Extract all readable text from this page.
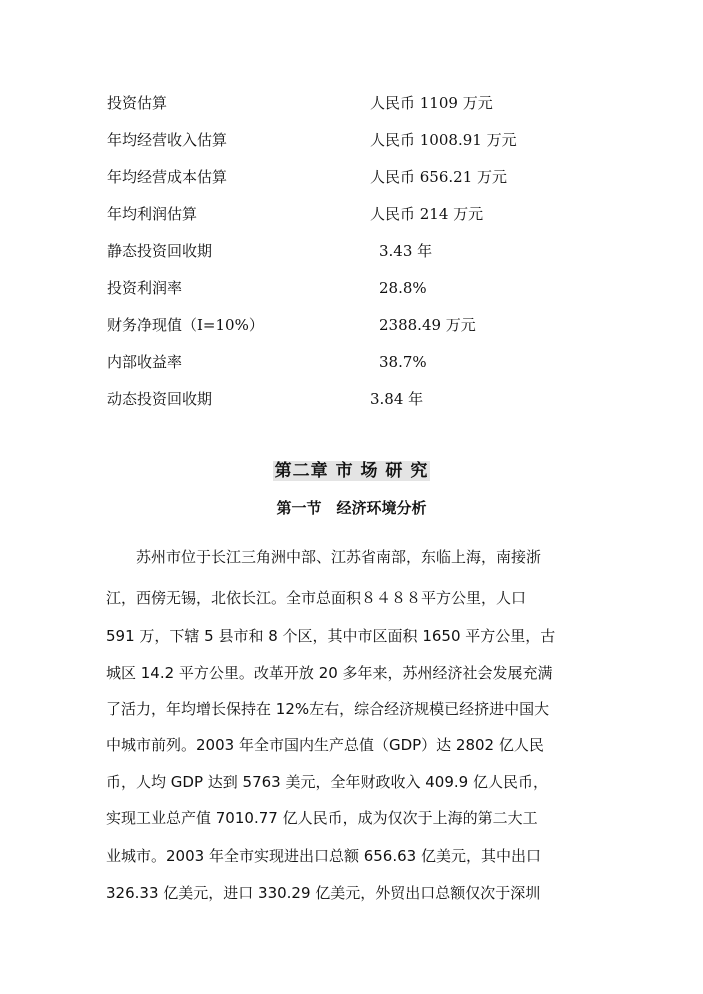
投资估算	人民币 1109 万元
年均经营收入估算	人民币 1008.91 万元
年均经营成本估算	人民币 656.21 万元
年均利润估算	人民币 214 万元
静态投资回收期	3.43 年
投资利润率	28.8%
财务净现值（I=10%）	2388.49 万元
内部收益率	38.7%
动态投资回收期	3.84 年
第二章 市 场 研 究
第一节　经济环境分析
　　苏州市位于长江三角洲中部、江苏省南部，东临上海，南接浙
江，西傍无锡，北依长江。全市总面积８４８８平方公里，人口
591 万，下辖 5 县市和 8 个区，其中市区面积 1650 平方公里，古
城区 14.2 平方公里。改革开放 20 多年来，苏州经济社会发展充满
了活力，年均增长保持在 12%左右，综合经济规模已经挤进中国大
中城市前列。2003 年全市国内生产总值（GDP）达 2802 亿人民
币，人均 GDP 达到 5763 美元，全年财政收入 409.9 亿人民币，
实现工业总产值 7010.77 亿人民币，成为仅次于上海的第二大工
业城市。2003 年全市实现进出口总额 656.63 亿美元，其中出口
326.33 亿美元，进口 330.29 亿美元，外贸出口总额仅次于深圳
